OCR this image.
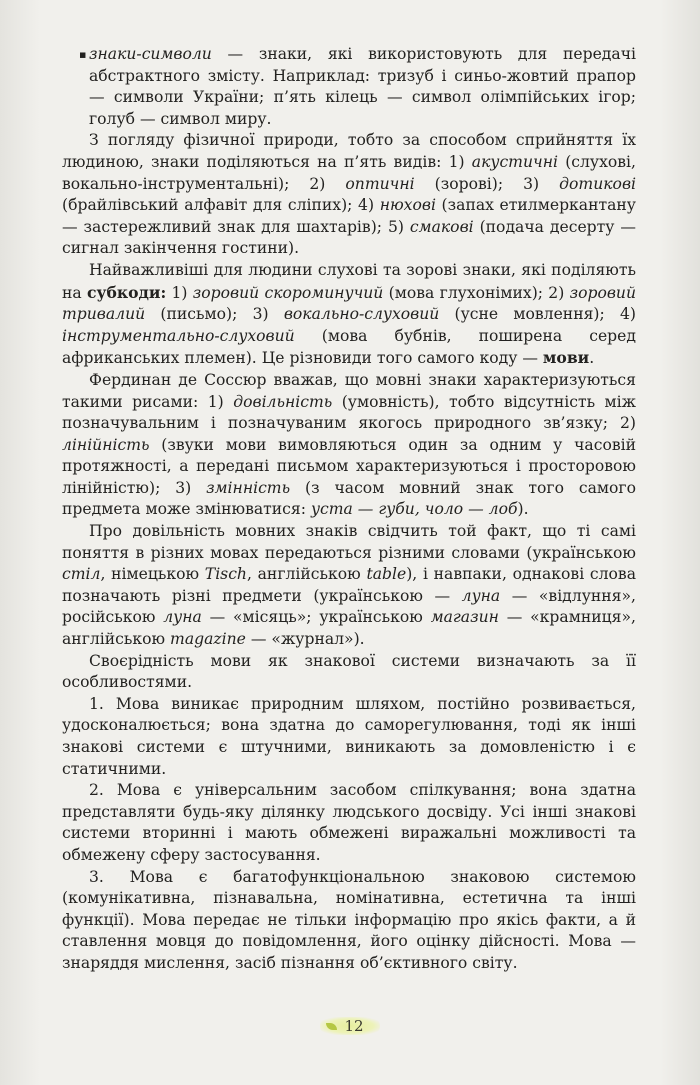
▪ знаки-символи — знаки, які використовують для передачі абстрактного змісту. Наприклад: тризуб і синьо-жовтий прапор — символи України; п’ять кілець — символ олімпійських ігор; голуб — символ миру.

З погляду фізичної природи, тобто за способом сприйняття їх людиною, знаки поділяються на п’ять видів: 1) акустичні (слухові, вокально-інструментальні); 2) оптичні (зорові); 3) дотикові (брайлівський алфавіт для сліпих); 4) нюхові (запах етилмеркантану — застережливий знак для шахтарів); 5) смакові (подача десерту — сигнал закінчення гостини).

Найважливіші для людини слухові та зорові знаки, які поділяють на субкоди: 1) зоровий скороминучий (мова глухонімих); 2) зоровий тривалий (письмо); 3) вокально-слуховий (усне мовлення); 4) інструментально-слуховий (мова бубнів, поширена серед африканських племен). Це різновиди того самого коду — мови.

Фердинан де Соссюр вважав, що мовні знаки характеризуються такими рисами: 1) довільність (умовність), тобто відсутність між позначувальним і позначуваним якогось природного зв’язку; 2) лінійність (звуки мови вимовляються один за одним у часовій протяжності, а передані письмом характеризуються і просторовою лінійністю); 3) змінність (з часом мовний знак того самого предмета може змінюватися: уста — губи, чоло — лоб).

Про довільність мовних знаків свідчить той факт, що ті самі поняття в різних мовах передаються різними словами (українською стіл, німецькою Tisch, англійською table), і навпаки, однакові слова позначають різні предмети (українською — луна — «відлуння», російською луна — «місяць»; українською магазин — «крамниця», англійською magazine — «журнал»).

Своєрідність мови як знакової системи визначають за її особливостями.

1. Мова виникає природним шляхом, постійно розвивається, удосконалюється; вона здатна до саморегулювання, тоді як інші знакові системи є штучними, виникають за домовленістю і є статичними.

2. Мова є універсальним засобом спілкування; вона здатна представляти будь-яку ділянку людського досвіду. Усі інші знакові системи вторинні і мають обмежені виражальні можливості та обмежену сферу застосування.

3. Мова є багатофункціональною знаковою системою (комунікативна, пізнавальна, номінативна, естетична та інші функції). Мова передає не тільки інформацію про якісь факти, а й ставлення мовця до повідомлення, його оцінку дійсності. Мова — знаряддя мислення, засіб пізнання об’єктивного світу.

12
